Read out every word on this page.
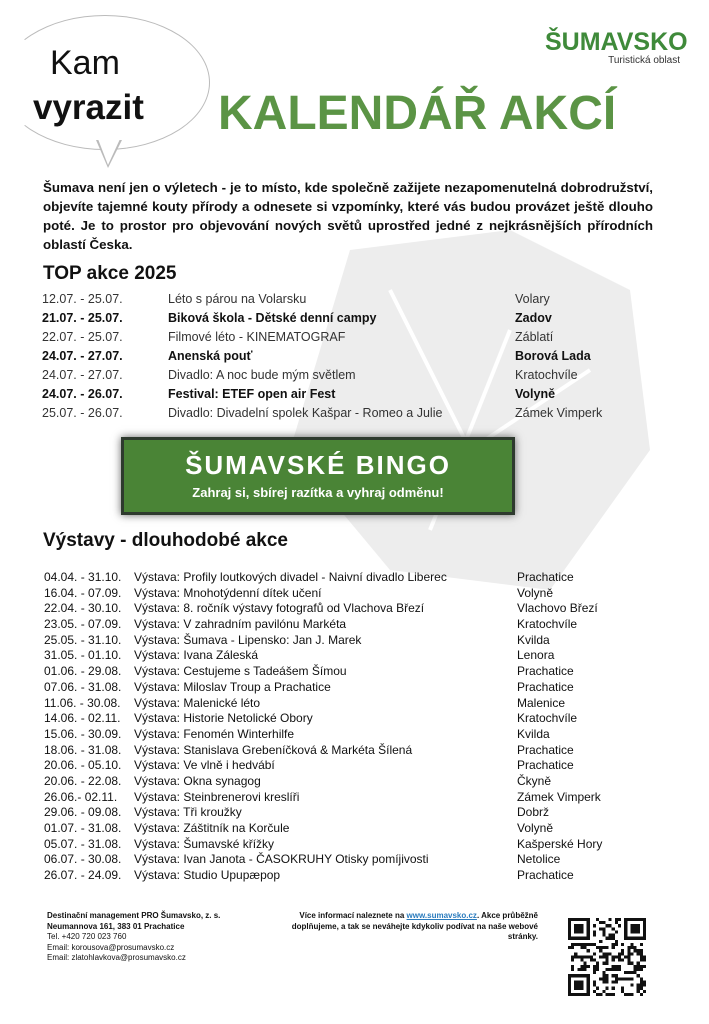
Kam
vyrazit
ŠUMAVSKO
Turistická oblast
KALENDÁŘ AKCÍ

Šumava není jen o výletech - je to místo, kde společně zažijete nezapomenutelná dobrodružství, objevíte tajemné kouty přírody a odnesete si vzpomínky, které vás budou provázet ještě dlouho poté. Je to prostor pro objevování nových světů uprostřed jedné z nejkrásnějších přírodních oblastí Česka.

TOP akce 2025
12.07. - 25.07.	Léto s párou na Volarsku	Volary
21.07. - 25.07.	Biková škola - Dětské denní campy	Zadov
22.07. - 25.07.	Filmové léto - KINEMATOGRAF	Záblatí
24.07. - 27.07.	Anenská pouť	Borová Lada
24.07. - 27.07.	Divadlo: A noc bude mým světlem	Kratochvíle
24.07. - 26.07.	Festival: ETEF open air Fest	Volyně
25.07. - 26.07.	Divadlo: Divadelní spolek Kašpar - Romeo a Julie	Zámek Vimperk
ŠUMAVSKÉ BINGO
Zahraj si, sbírej razítka a vyhraj odměnu!
Výstavy - dlouhodobé akce
04.04. - 31.10. Výstava: Profily loutkových divadel - Naivní divadlo Liberec	Prachatice
16.04. - 07.09. Výstava: Mnohotýdenní dítek učení	Volyně
22.04. - 30.10. Výstava: 8. ročník výstavy fotografů od Vlachova Březí	Vlachovo Březí
23.05. - 07.09. Výstava: V zahradním pavilónu Markéta	Kratochvíle
25.05. - 31.10. Výstava: Šumava - Lipensko: Jan J. Marek	Kvilda
31.05. - 01.10. Výstava: Ivana Záleská	Lenora
01.06. - 29.08. Výstava: Cestujeme s Tadeášem Šímou	Prachatice
07.06. - 31.08. Výstava: Miloslav Troup a Prachatice	Prachatice
11.06. - 30.08. Výstava: Malenické léto	Malenice
14.06. - 02.11. Výstava: Historie Netolické Obory	Kratochvíle
15.06. - 30.09. Výstava: Fenomén Winterhilfe	Kvilda
18.06. - 31.08. Výstava: Stanislava Grebeníčková & Markéta Šílená	Prachatice
20.06. - 05.10. Výstava: Ve vlně i hedvábí	Prachatice
20.06. - 22.08. Výstava: Okna synagog	Čkyně
26.06.- 02.11. Výstava: Steinbrenerovi kreslíři	Zámek Vimperk
29.06. - 09.08. Výstava: Tři kroužky	Dobrž
01.07. - 31.08. Výstava: Záštitník na Korčule	Volyně
05.07. - 31.08. Výstava: Šumavské křížky	Kašperské Hory
06.07. - 30.08. Výstava: Ivan Janota - ČASOKRUHY Otisky pomíjivosti	Netolice
26.07. - 24.09. Výstava: Studio Upupæpop	Prachatice
Destinační management PRO Šumavsko, z. s.
Neumannova 161, 383 01 Prachatice
Tel. +420 720 023 760
Email: korousova@prosumavsko.cz
Email: zlatohlavkova@prosumavsko.cz
Více informací naleznete na www.sumavsko.cz. Akce průběžně doplňujeme, a tak se neváhejte kdykoliv podívat na naše webové stránky.
